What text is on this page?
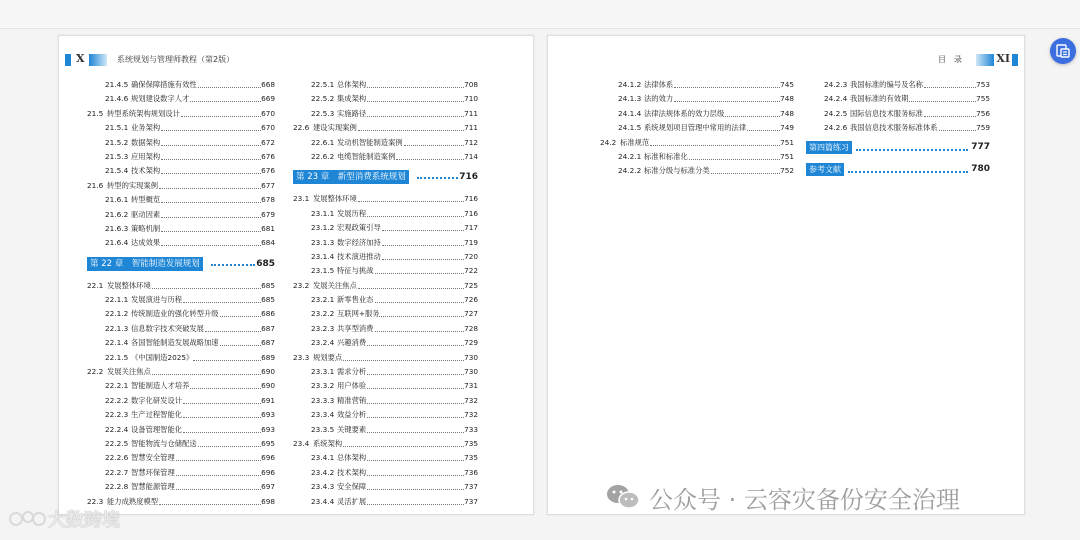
X	系统规划与管理师教程（第2版）
21.4.5 确保保障措施有效性	668
21.4.6 规划建设数字人才	669
21.5 转型系统架构规划设计	670
21.5.1 业务架构	670
21.5.2 数据架构	672
21.5.3 应用架构	676
21.5.4 技术架构	676
21.6 转型的实现案例	677
21.6.1 转型概览	678
21.6.2 驱动因素	679
21.6.3 策略机制	681
21.6.4 达成效果	684
第 22 章　智能制造发展规划	685
22.1 发展整体环境	685
22.1.1 发展演进与历程	685
22.1.2 传统制造业的强化转型升级	686
22.1.3 信息数字技术突破发展	687
22.1.4 各国智能制造发展战略加速	687
22.1.5 《中国制造2025》	689
22.2 发展关注焦点	690
22.2.1 智能制造人才培养	690
22.2.2 数字化研发设计	691
22.2.3 生产过程智能化	693
22.2.4 设备管理智能化	693
22.2.5 智能物流与仓储配送	695
22.2.6 智慧安全管理	696
22.2.7 智慧环保管理	696
22.2.8 智慧能源管理	697
22.3 能力成熟度模型	698
22.5.1 总体架构	708
22.5.2 集成架构	710
22.5.3 实施路径	711
22.6 建设实现案例	711
22.6.1 发动机智能制造案例	712
22.6.2 电缆智能制造案例	714
第 23 章　新型消费系统规划	716
23.1 发展整体环境	716
23.1.1 发展历程	716
23.1.2 宏观政策引导	717
23.1.3 数字经济加持	719
23.1.4 技术演进推动	720
23.1.5 特征与挑战	722
23.2 发展关注焦点	725
23.2.1 新零售业态	726
23.2.2 互联网+服务	727
23.2.3 共享型消费	728
23.2.4 兴趣消费	729
23.3 规划要点	730
23.3.1 需求分析	730
23.3.2 用户体验	731
23.3.3 精准营销	732
23.3.4 效益分析	732
23.3.5 关键要素	733
23.4 系统架构	735
23.4.1 总体架构	735
23.4.2 技术架构	736
23.4.3 安全保障	737
23.4.4 灵活扩展	737
目　录	XI
24.1.2 法律体系	745
24.1.3 法的效力	748
24.1.4 法律法规体系的效力层级	748
24.1.5 系统规划项目管理中常用的法律	749
24.2 标准规范	751
24.2.1 标准和标准化	751
24.2.2 标准分级与标准分类	752
24.2.3 我国标准的编号及名称	753
24.2.4 我国标准的有效期	755
24.2.5 国际信息技术服务标准	756
24.2.6 我国信息技术服务标准体系	759
第四篇练习	777
参考文献	780
公众号 · 云容灾备份安全治理
大数跨境
